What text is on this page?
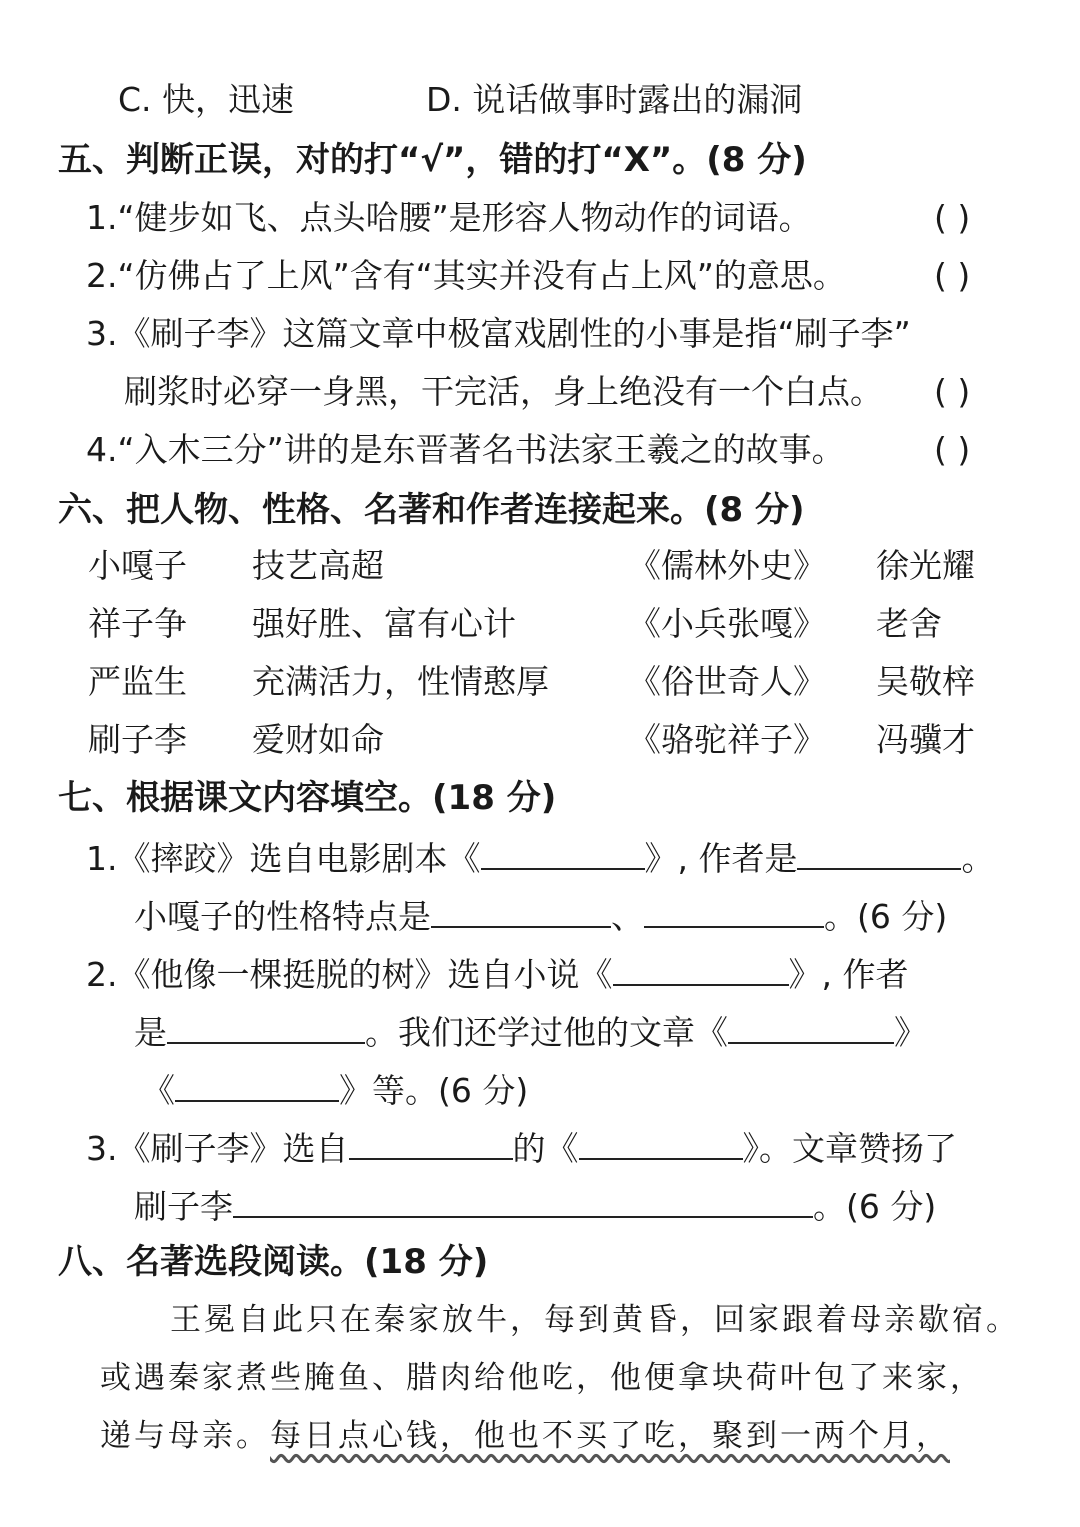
C. 快，迅速	D. 说话做事时露出的漏洞
五、判断正误，对的打“√”，错的打“X”。(8 分)
1.“健步如飞、点头哈腰”是形容人物动作的词语。	( )
2.“仿佛占了上风”含有“其实并没有占上风”的意思。	( )
3.《刷子李》这篇文章中极富戏剧性的小事是指“刷子李”
刷浆时必穿一身黑，干完活，身上绝没有一个白点。 ( )
4.“入木三分”讲的是东晋著名书法家王羲之的故事。	( )
六、把人物、性格、名著和作者连接起来。(8 分)
小嘎子 技艺高超	《儒林外史》 徐光耀
祥子争 强好胜、富有心计	《小兵张嘎》 老舍
严监生 充满活力，性情憨厚 《俗世奇人》 吴敬梓
刷子李 爱财如命	《骆驼祥子》 冯骥才
七、根据课文内容填空。(18 分)
1.《摔跤》选自电影剧本《	》, 作者是	。
小嘎子的性格特点是	、	。(6 分)
2.《他像一棵挺脱的树》选自小说《	》, 作者
是	。我们还学过他的文章《	》
《	》等。(6 分)
3.《刷子李》选自	的《	》。文章赞扬了
刷子李	。(6 分)
八、名著选段阅读。(18 分)
王冕自此只在秦家放牛，每到黄昏，回家跟着母亲歇宿。
或遇秦家煮些腌鱼、腊肉给他吃，他便拿块荷叶包了来家，
递与母亲。每日点心钱，他也不买了吃，聚到一两个月，
